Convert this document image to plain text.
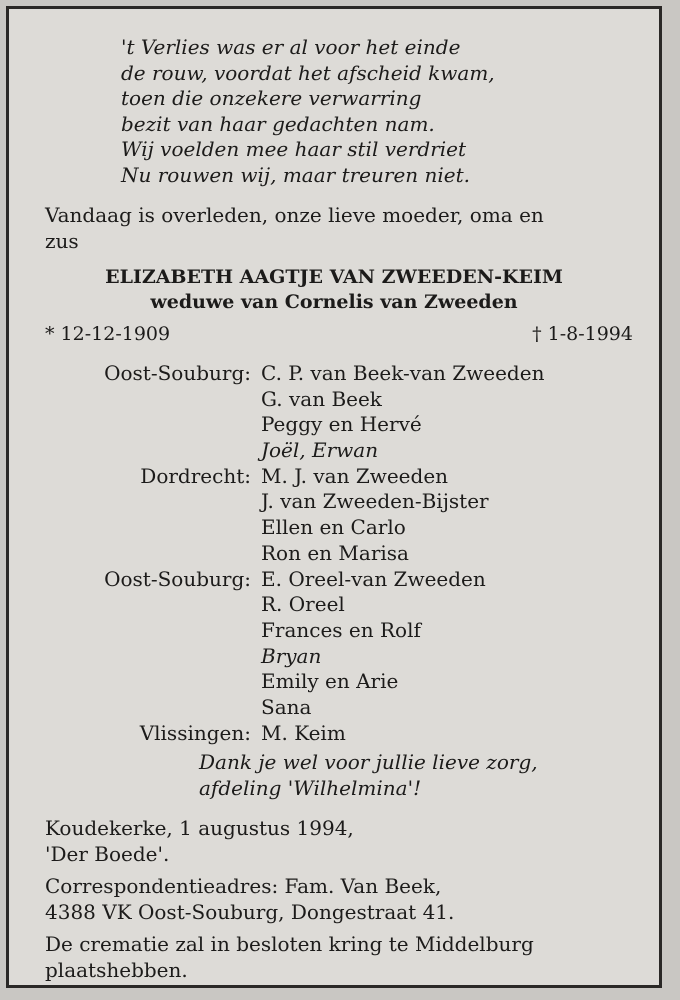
't Verlies was er al voor het einde
de rouw, voordat het afscheid kwam,
toen die onzekere verwarring
bezit van haar gedachten nam.
Wij voelden mee haar stil verdriet
Nu rouwen wij, maar treuren niet.
Vandaag is overleden, onze lieve moeder, oma en
zus
ELIZABETH AAGTJE VAN ZWEEDEN-KEIM
weduwe van Cornelis van Zweeden
* 12-12-1909	† 1-8-1994
Oost-Souburg: C. P. van Beek-van Zweeden
G. van Beek
Peggy en Hervé
Joël, Erwan
Dordrecht: M. J. van Zweeden
J. van Zweeden-Bijster
Ellen en Carlo
Ron en Marisa
Oost-Souburg: E. Oreel-van Zweeden
R. Oreel
Frances en Rolf
Bryan
Emily en Arie
Sana
Vlissingen: M. Keim
Dank je wel voor jullie lieve zorg,
afdeling 'Wilhelmina'!
Koudekerke, 1 augustus 1994,
'Der Boede'.
Correspondentieadres: Fam. Van Beek,
4388 VK Oost-Souburg, Dongestraat 41.
De crematie zal in besloten kring te Middelburg
plaatshebben.
